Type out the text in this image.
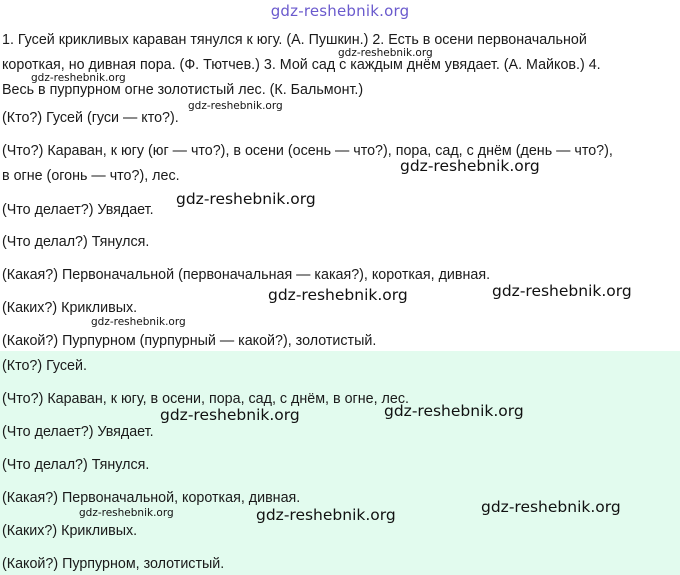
gdz-reshebnik.org
1. Гусей крикливых караван тянулся к югу. (А. Пушкин.) 2. Есть в осени первоначальной
короткая, но дивная пора. (Ф. Тютчев.) 3. Мой сад с каждым днём увядает. (А. Майков.) 4.
Весь в пурпурном огне золотистый лес. (К. Бальмонт.)
(Кто?) Гусей (гуси — кто?).
(Что?) Караван, к югу (юг — что?), в осени (осень — что?), пора, сад, с днём (день — что?),
в огне (огонь — что?), лес.
(Что делает?) Увядает.
(Что делал?) Тянулся.
(Какая?) Первоначальной (первоначальная — какая?), короткая, дивная.
(Каких?) Крикливых.
(Какой?) Пурпурном (пурпурный — какой?), золотистый.
(Кто?) Гусей.
(Что?) Караван, к югу, в осени, пора, сад, с днём, в огне, лес.
(Что делает?) Увядает.
(Что делал?) Тянулся.
(Какая?) Первоначальной, короткая, дивная.
(Каких?) Крикливых.
(Какой?) Пурпурном, золотистый.
gdz-reshebnik.org
gdz-reshebnik.org
gdz-reshebnik.org
gdz-reshebnik.org
gdz-reshebnik.org
gdz-reshebnik.org	gdz-reshebnik.org
gdz-reshebnik.org
gdz-reshebnik.org	gdz-reshebnik.org
gdz-reshebnik.org
gdz-reshebnik.org
gdz-reshebnik.org
